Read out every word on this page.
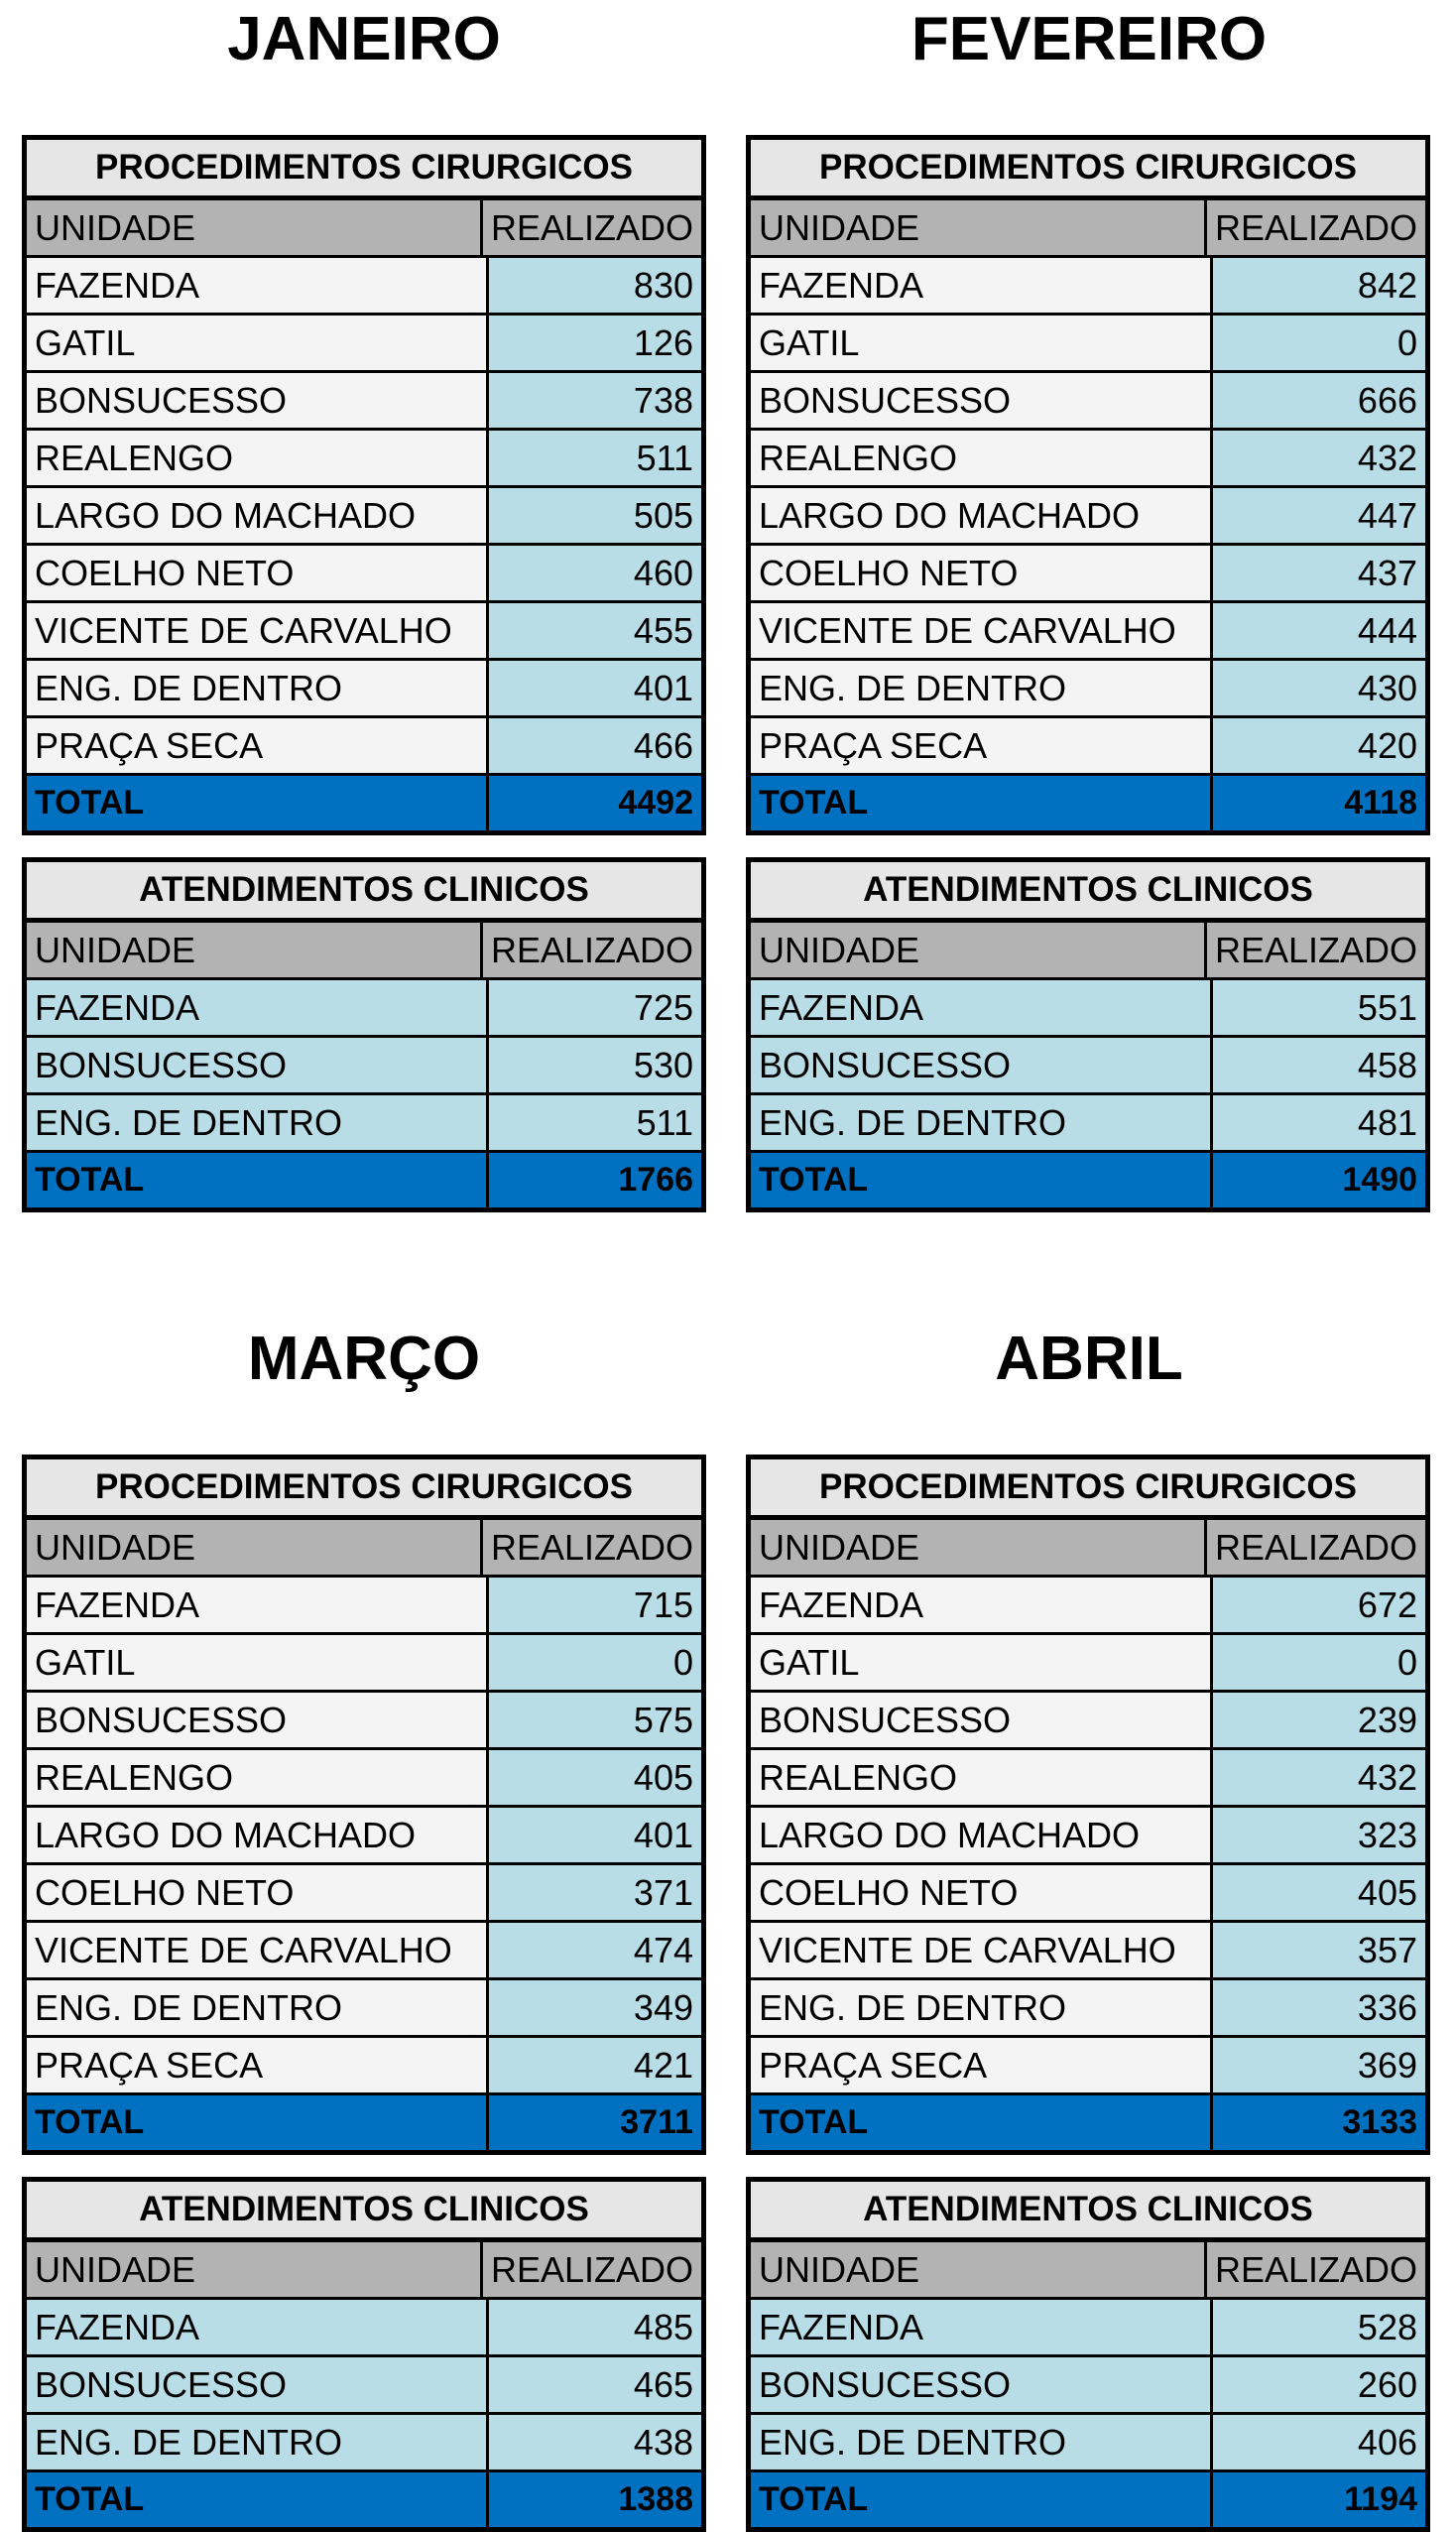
JANEIRO
PROCEDIMENTOS CIRURGICOS
UNIDADE	REALIZADO
FAZENDA	830
GATIL	126
BONSUCESSO	738
REALENGO	511
LARGO DO MACHADO	505
COELHO NETO	460
VICENTE DE CARVALHO	455
ENG. DE DENTRO	401
PRAÇA SECA	466
TOTAL	4492
ATENDIMENTOS CLINICOS
UNIDADE	REALIZADO
FAZENDA	725
BONSUCESSO	530
ENG. DE DENTRO	511
TOTAL	1766
FEVEREIRO
PROCEDIMENTOS CIRURGICOS
UNIDADE	REALIZADO
FAZENDA	842
GATIL	0
BONSUCESSO	666
REALENGO	432
LARGO DO MACHADO	447
COELHO NETO	437
VICENTE DE CARVALHO	444
ENG. DE DENTRO	430
PRAÇA SECA	420
TOTAL	4118
ATENDIMENTOS CLINICOS
UNIDADE	REALIZADO
FAZENDA	551
BONSUCESSO	458
ENG. DE DENTRO	481
TOTAL	1490
MARÇO
PROCEDIMENTOS CIRURGICOS
UNIDADE	REALIZADO
FAZENDA	715
GATIL	0
BONSUCESSO	575
REALENGO	405
LARGO DO MACHADO	401
COELHO NETO	371
VICENTE DE CARVALHO	474
ENG. DE DENTRO	349
PRAÇA SECA	421
TOTAL	3711
ATENDIMENTOS CLINICOS
UNIDADE	REALIZADO
FAZENDA	485
BONSUCESSO	465
ENG. DE DENTRO	438
TOTAL	1388
ABRIL
PROCEDIMENTOS CIRURGICOS
UNIDADE	REALIZADO
FAZENDA	672
GATIL	0
BONSUCESSO	239
REALENGO	432
LARGO DO MACHADO	323
COELHO NETO	405
VICENTE DE CARVALHO	357
ENG. DE DENTRO	336
PRAÇA SECA	369
TOTAL	3133
ATENDIMENTOS CLINICOS
UNIDADE	REALIZADO
FAZENDA	528
BONSUCESSO	260
ENG. DE DENTRO	406
TOTAL	1194
